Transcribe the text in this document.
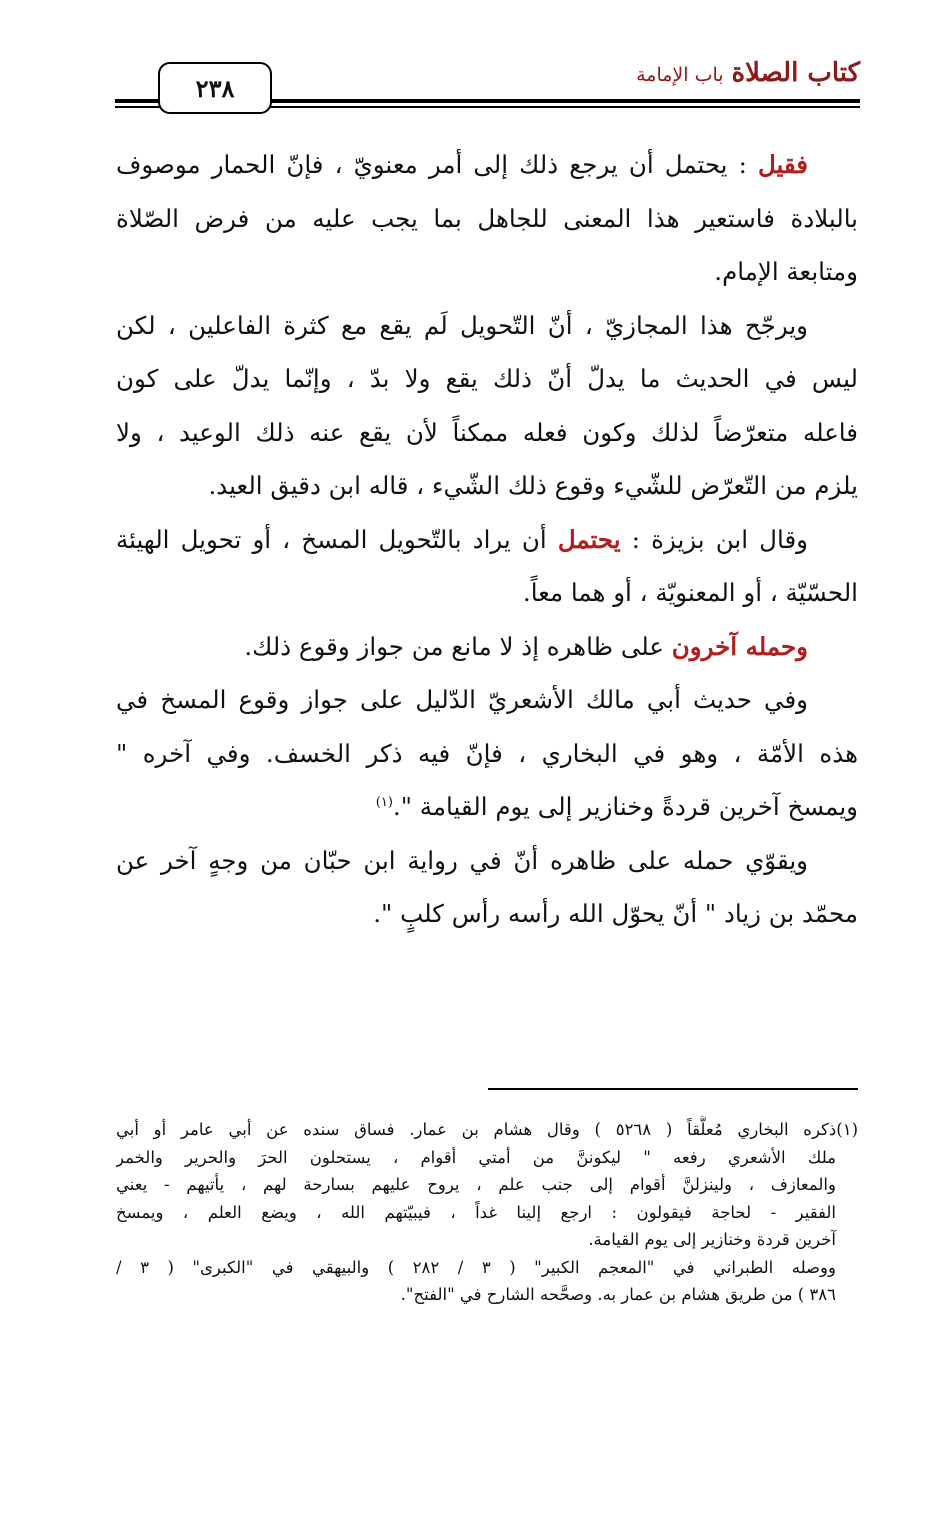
كتاب الصلاة باب الإمامة
٢٣٨
فقيل : يحتمل أن يرجع ذلك إلى أمر معنويّ ، فإنّ الحمار موصوف
بالبلادة فاستعير هذا المعنى للجاهل بما يجب عليه من فرض الصّلاة
ومتابعة الإمام.
ويرجّح هذا المجازيّ ، أنّ التّحويل لَم يقع مع كثرة الفاعلين ، لكن
ليس في الحديث ما يدلّ أنّ ذلك يقع ولا بدّ ، وإنّما يدلّ على كون
فاعله متعرّضاً لذلك وكون فعله ممكناً لأن يقع عنه ذلك الوعيد ، ولا
يلزم من التّعرّض للشّيء وقوع ذلك الشّيء ، قاله ابن دقيق العيد.
وقال ابن بزيزة : يحتمل أن يراد بالتّحويل المسخ ، أو تحويل الهيئة
الحسّيّة ، أو المعنويّة ، أو هما معاً.
وحمله آخرون على ظاهره إذ لا مانع من جواز وقوع ذلك.
وفي حديث أبي مالك الأشعريّ الدّليل على جواز وقوع المسخ في
هذه الأمّة ، وهو في البخاري ، فإنّ فيه ذكر الخسف. وفي آخره "
ويمسخ آخرين قردةً وخنازير إلى يوم القيامة ".$^{(١)}$
ويقوّي حمله على ظاهره أنّ في رواية ابن حبّان من وجهٍ آخر عن
محمّد بن زياد " أنّ يحوّل الله رأسه رأس كلبٍ ".
(١)ذكره البخاري مُعلَّقاً ( ٥٢٦٨ ) وقال هشام بن عمار. فساق سنده عن أبي عامر أو أبي
ملك الأشعري رفعه " ليكوننَّ من أمتي أقوام ، يستحلون الحرَ والحرير والخمر
والمعازف ، ولينزلنَّ أقوام إلى جنب علم ، يروح عليهم بسارحة لهم ، يأتيهم - يعني
الفقير - لحاجة فيقولون : ارجع إلينا غداً ، فيبيّتهم الله ، ويضع العلم ، ويمسخ
آخرين قردة وخنازير إلى يوم القيامة.
ووصله الطبراني في "المعجم الكبير" ( ٣ / ٢٨٢ ) والبيهقي في "الكبرى" ( ٣ /
٣٨٦ ) من طريق هشام بن عمار به. وصحَّحه الشارح في "الفتح".
